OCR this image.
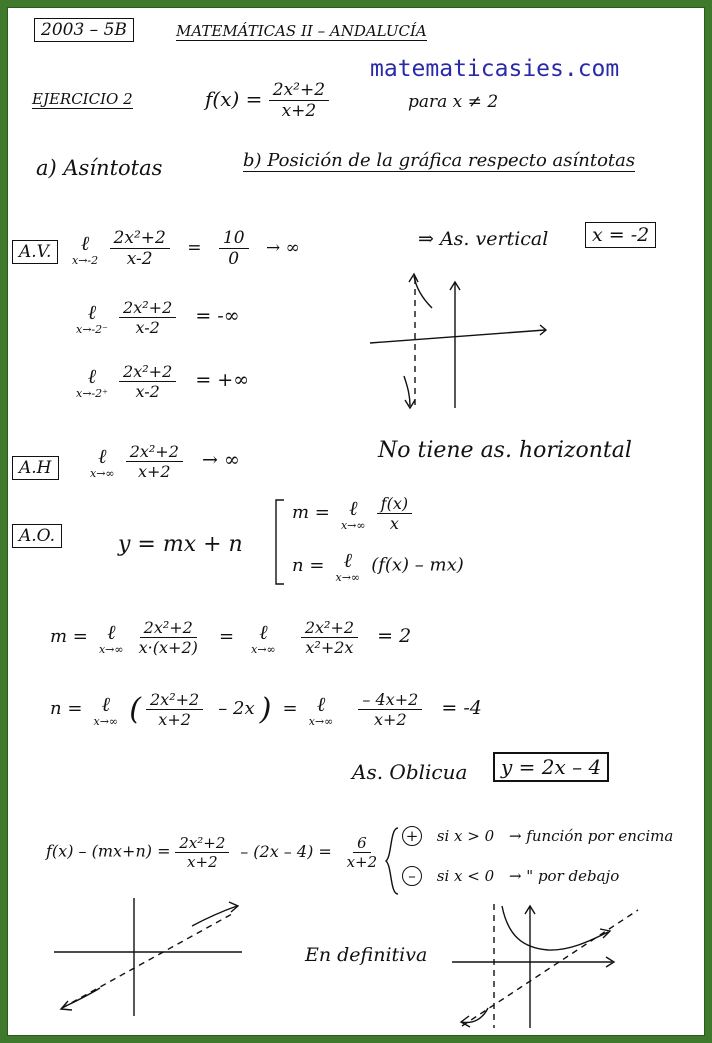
2003 – 5B	MATEMÁTICAS II – ANDALUCÍA
matematicasies.com
EJERCICIO 2	$f(x) = \frac{\text{2x²+2}}{x+2}$	para x ≠ 2
a) Asíntotas	b) Posición de la gráfica respecto asíntotas
A.V.	ℓ
x→-2
$\frac{\text{2x²+2}}{x-2} = \frac{10}{0}$ → ∞	⇒ As. vertical	x = -2
ℓ
x→-2⁻
$\frac{\text{2x²+2}}{x-2}$ = -∞
ℓ
x→-2⁺
$\frac{\text{2x²+2}}{x-2}$ = +∞
A.H
ℓ
x→∞
$\frac{\text{2x²+2}}{x+2}$ → ∞	No tiene as. horizontal
A.O.	y = mx + n
m = ℓ
x→∞
$\frac{f(x)}{x}$
n = ℓ
x→∞
(f(x) – mx)
m = ℓ
x→∞
$\frac{\text{2x²+2}}{x\cdot(x+2)}$ = ℓ
x→∞
$\frac{\text{2x²+2}}{\text{x²+2x}} = 2$
n = ℓ
x→∞ ( $\frac{\text{2x²+2}}{x+2} - 2x$ ) = ℓ
x→∞
$\frac{- 4x+2}{x+2} = -4$
As. Oblicua	y = 2x – 4
$f(x) - (mx+n) = \frac{\text{2x²+2}}{x+2} - (2x - 4) = \frac{6}{x+2}$ + si x > 0 → función por encima
– si x < 0 → " por debajo
En definitiva
